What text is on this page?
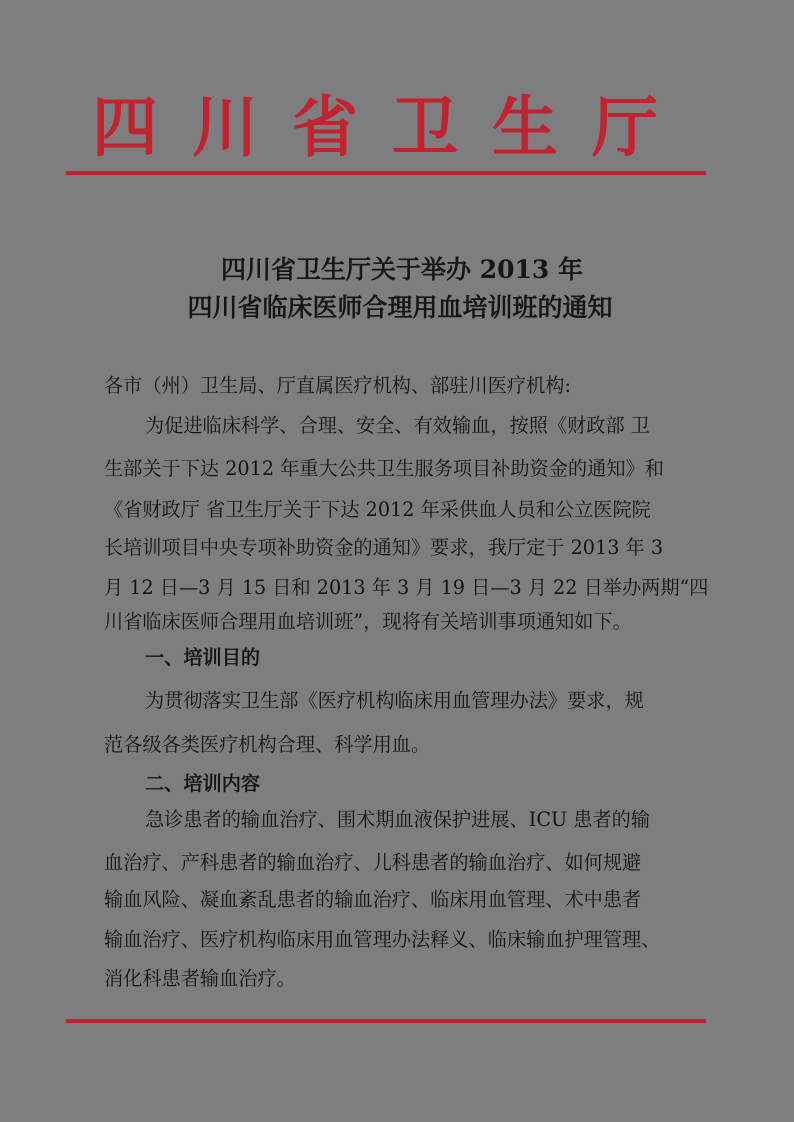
四川省卫生厅
四川省卫生厅关于举办 2013 年
四川省临床医师合理用血培训班的通知
各市（州）卫生局、厅直属医疗机构、部驻川医疗机构:
为促进临床科学、合理、安全、有效输血，按照《财政部 卫
生部关于下达 2012 年重大公共卫生服务项目补助资金的通知》和
《省财政厅 省卫生厅关于下达 2012 年采供血人员和公立医院院
长培训项目中央专项补助资金的通知》要求，我厅定于 2013 年 3
月 12 日—3 月 15 日和 2013 年 3 月 19 日—3 月 22 日举办两期“四
川省临床医师合理用血培训班”，现将有关培训事项通知如下。
一、培训目的
为贯彻落实卫生部《医疗机构临床用血管理办法》要求，规
范各级各类医疗机构合理、科学用血。
二、培训内容
急诊患者的输血治疗、围术期血液保护进展、ICU 患者的输
血治疗、产科患者的输血治疗、儿科患者的输血治疗、如何规避
输血风险、凝血紊乱患者的输血治疗、临床用血管理、术中患者
输血治疗、医疗机构临床用血管理办法释义、临床输血护理管理、
消化科患者输血治疗。
